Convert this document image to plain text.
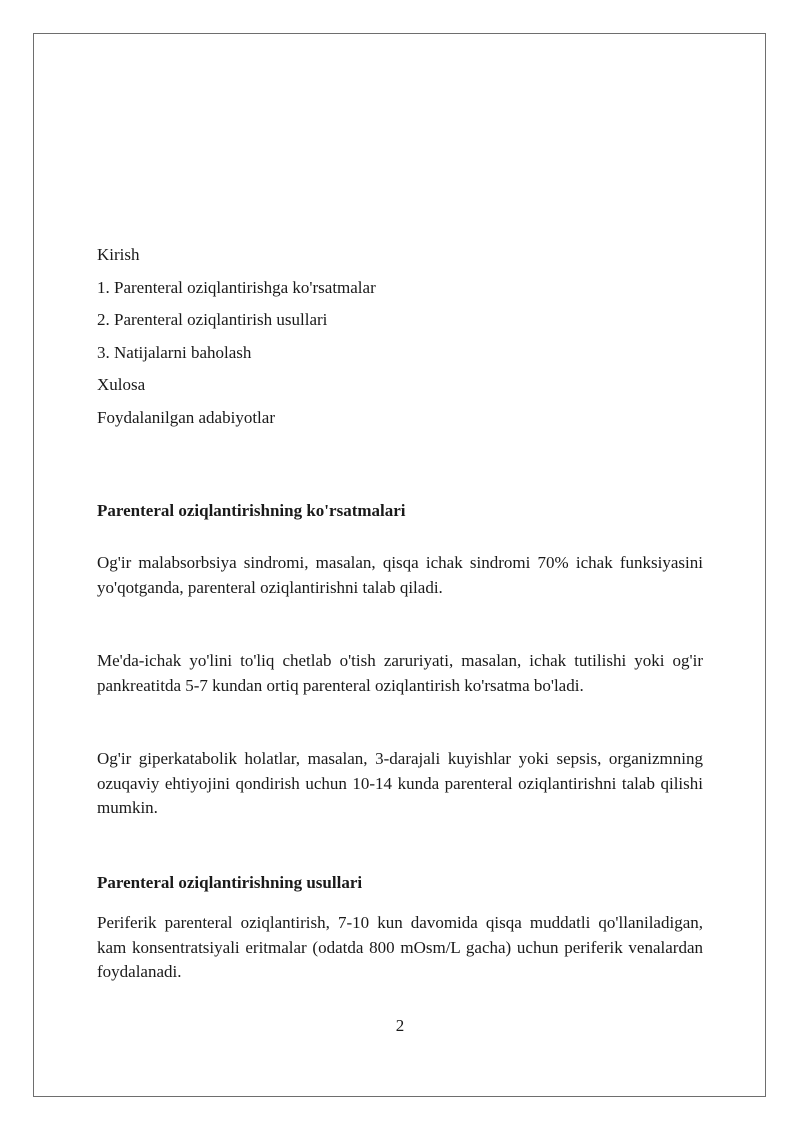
Kirish
1. Parenteral oziqlantirishga ko'rsatmalar
2. Parenteral oziqlantirish usullari
3. Natijalarni baholash
Xulosa
Foydalanilgan adabiyotlar
Parenteral oziqlantirishning ko'rsatmalari

Og'ir malabsorbsiya sindromi, masalan, qisqa ichak sindromi 70% ichak funksiyasini yo'qotganda, parenteral oziqlantirishni talab qiladi.

Me'da-ichak yo'lini to'liq chetlab o'tish zaruriyati, masalan, ichak tutilishi yoki og'ir pankreatitda 5-7 kundan ortiq parenteral oziqlantirish ko'rsatma bo'ladi.

Og'ir giperkatabolik holatlar, masalan, 3-darajali kuyishlar yoki sepsis, organizmning ozuqaviy ehtiyojini qondirish uchun 10-14 kunda parenteral oziqlantirishni talab qilishi mumkin.

Parenteral oziqlantirishning usullari

Periferik parenteral oziqlantirish, 7-10 kun davomida qisqa muddatli qo'llaniladigan, kam konsentratsiyali eritmalar (odatda 800 mOsm/L gacha) uchun periferik venalardan foydalanadi.

2
